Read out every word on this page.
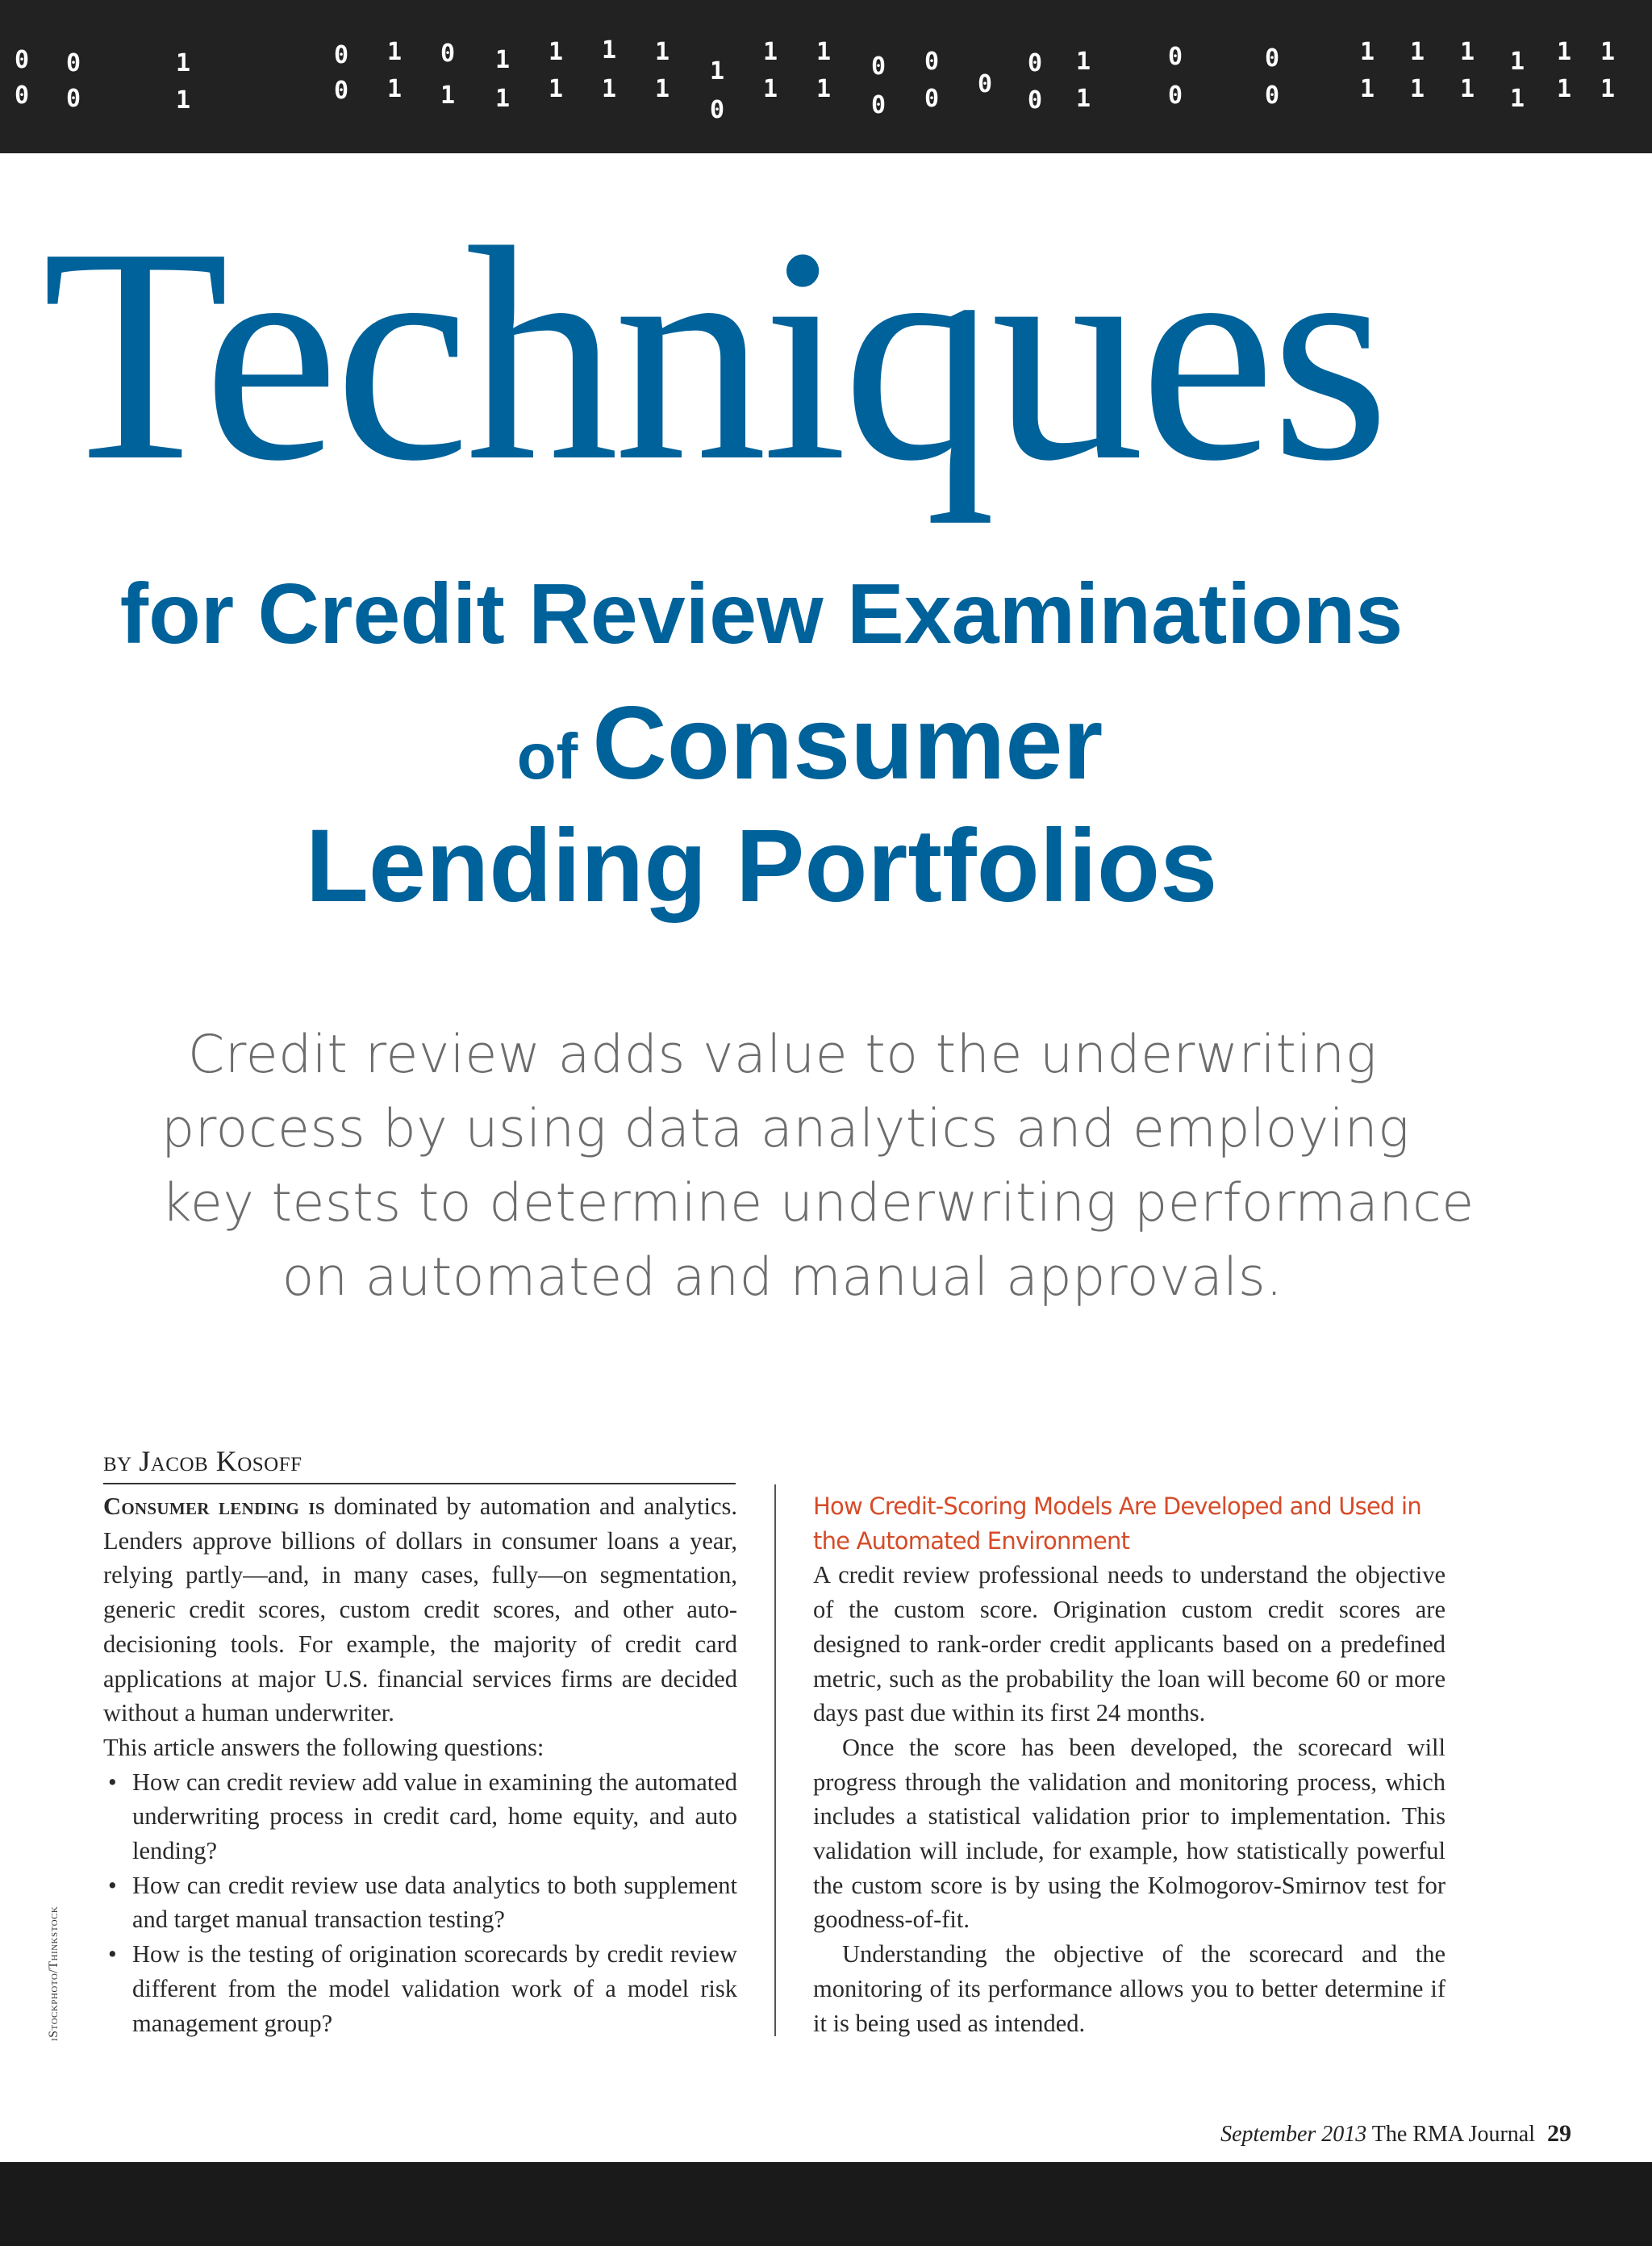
0
0
0
0
1
1
0
0
1
1
0
1
1
1
1
1
1
1
1
1
1
0
1
1
1
1
0
0
0
0
0
0
0
1
1
0
0
0
0
1
1
1
1
1
1
1
1
1
1
1
1
Techniques
for Credit Review Examinations
of Consumer
Lending Portfolios
Credit review adds value to the underwriting
process by using data analytics and employing
key tests to determine underwriting performance
on automated and manual approvals.
by Jacob Kosoff

Consumer lending is dominated by automation and analytics. Lenders approve billions of dollars in consumer loans a year, relying partly—and, in many cases, fully—on segmentation, generic credit scores, custom credit scores, and other auto-decisioning tools. For example, the majority of credit card applications at major U.S. financial services firms are decided without a human underwriter.

This article answers the following questions:

• How can credit review add value in examining the automated underwriting process in credit card, home equity, and auto lending?
• How can credit review use data analytics to both supplement and target manual transaction testing?
• How is the testing of origination scorecards by credit review different from the model validation work of a model risk management group?

How Credit-Scoring Models Are Developed and Used in the Automated Environment

A credit review professional needs to understand the objective of the custom score. Origination custom credit scores are designed to rank-order credit applicants based on a predefined metric, such as the probability the loan will become 60 or more days past due within its first 24 months.

Once the score has been developed, the scorecard will progress through the validation and monitoring process, which includes a statistical validation prior to implementation. This validation will include, for example, how statistically powerful the custom score is by using the Kolmogorov-Smirnov test for goodness-of-fit.

Understanding the objective of the scorecard and the monitoring of its performance allows you to better determine if it is being used as intended.

iStockphoto/Thinkstock
September 2013 The RMA Journal 29
